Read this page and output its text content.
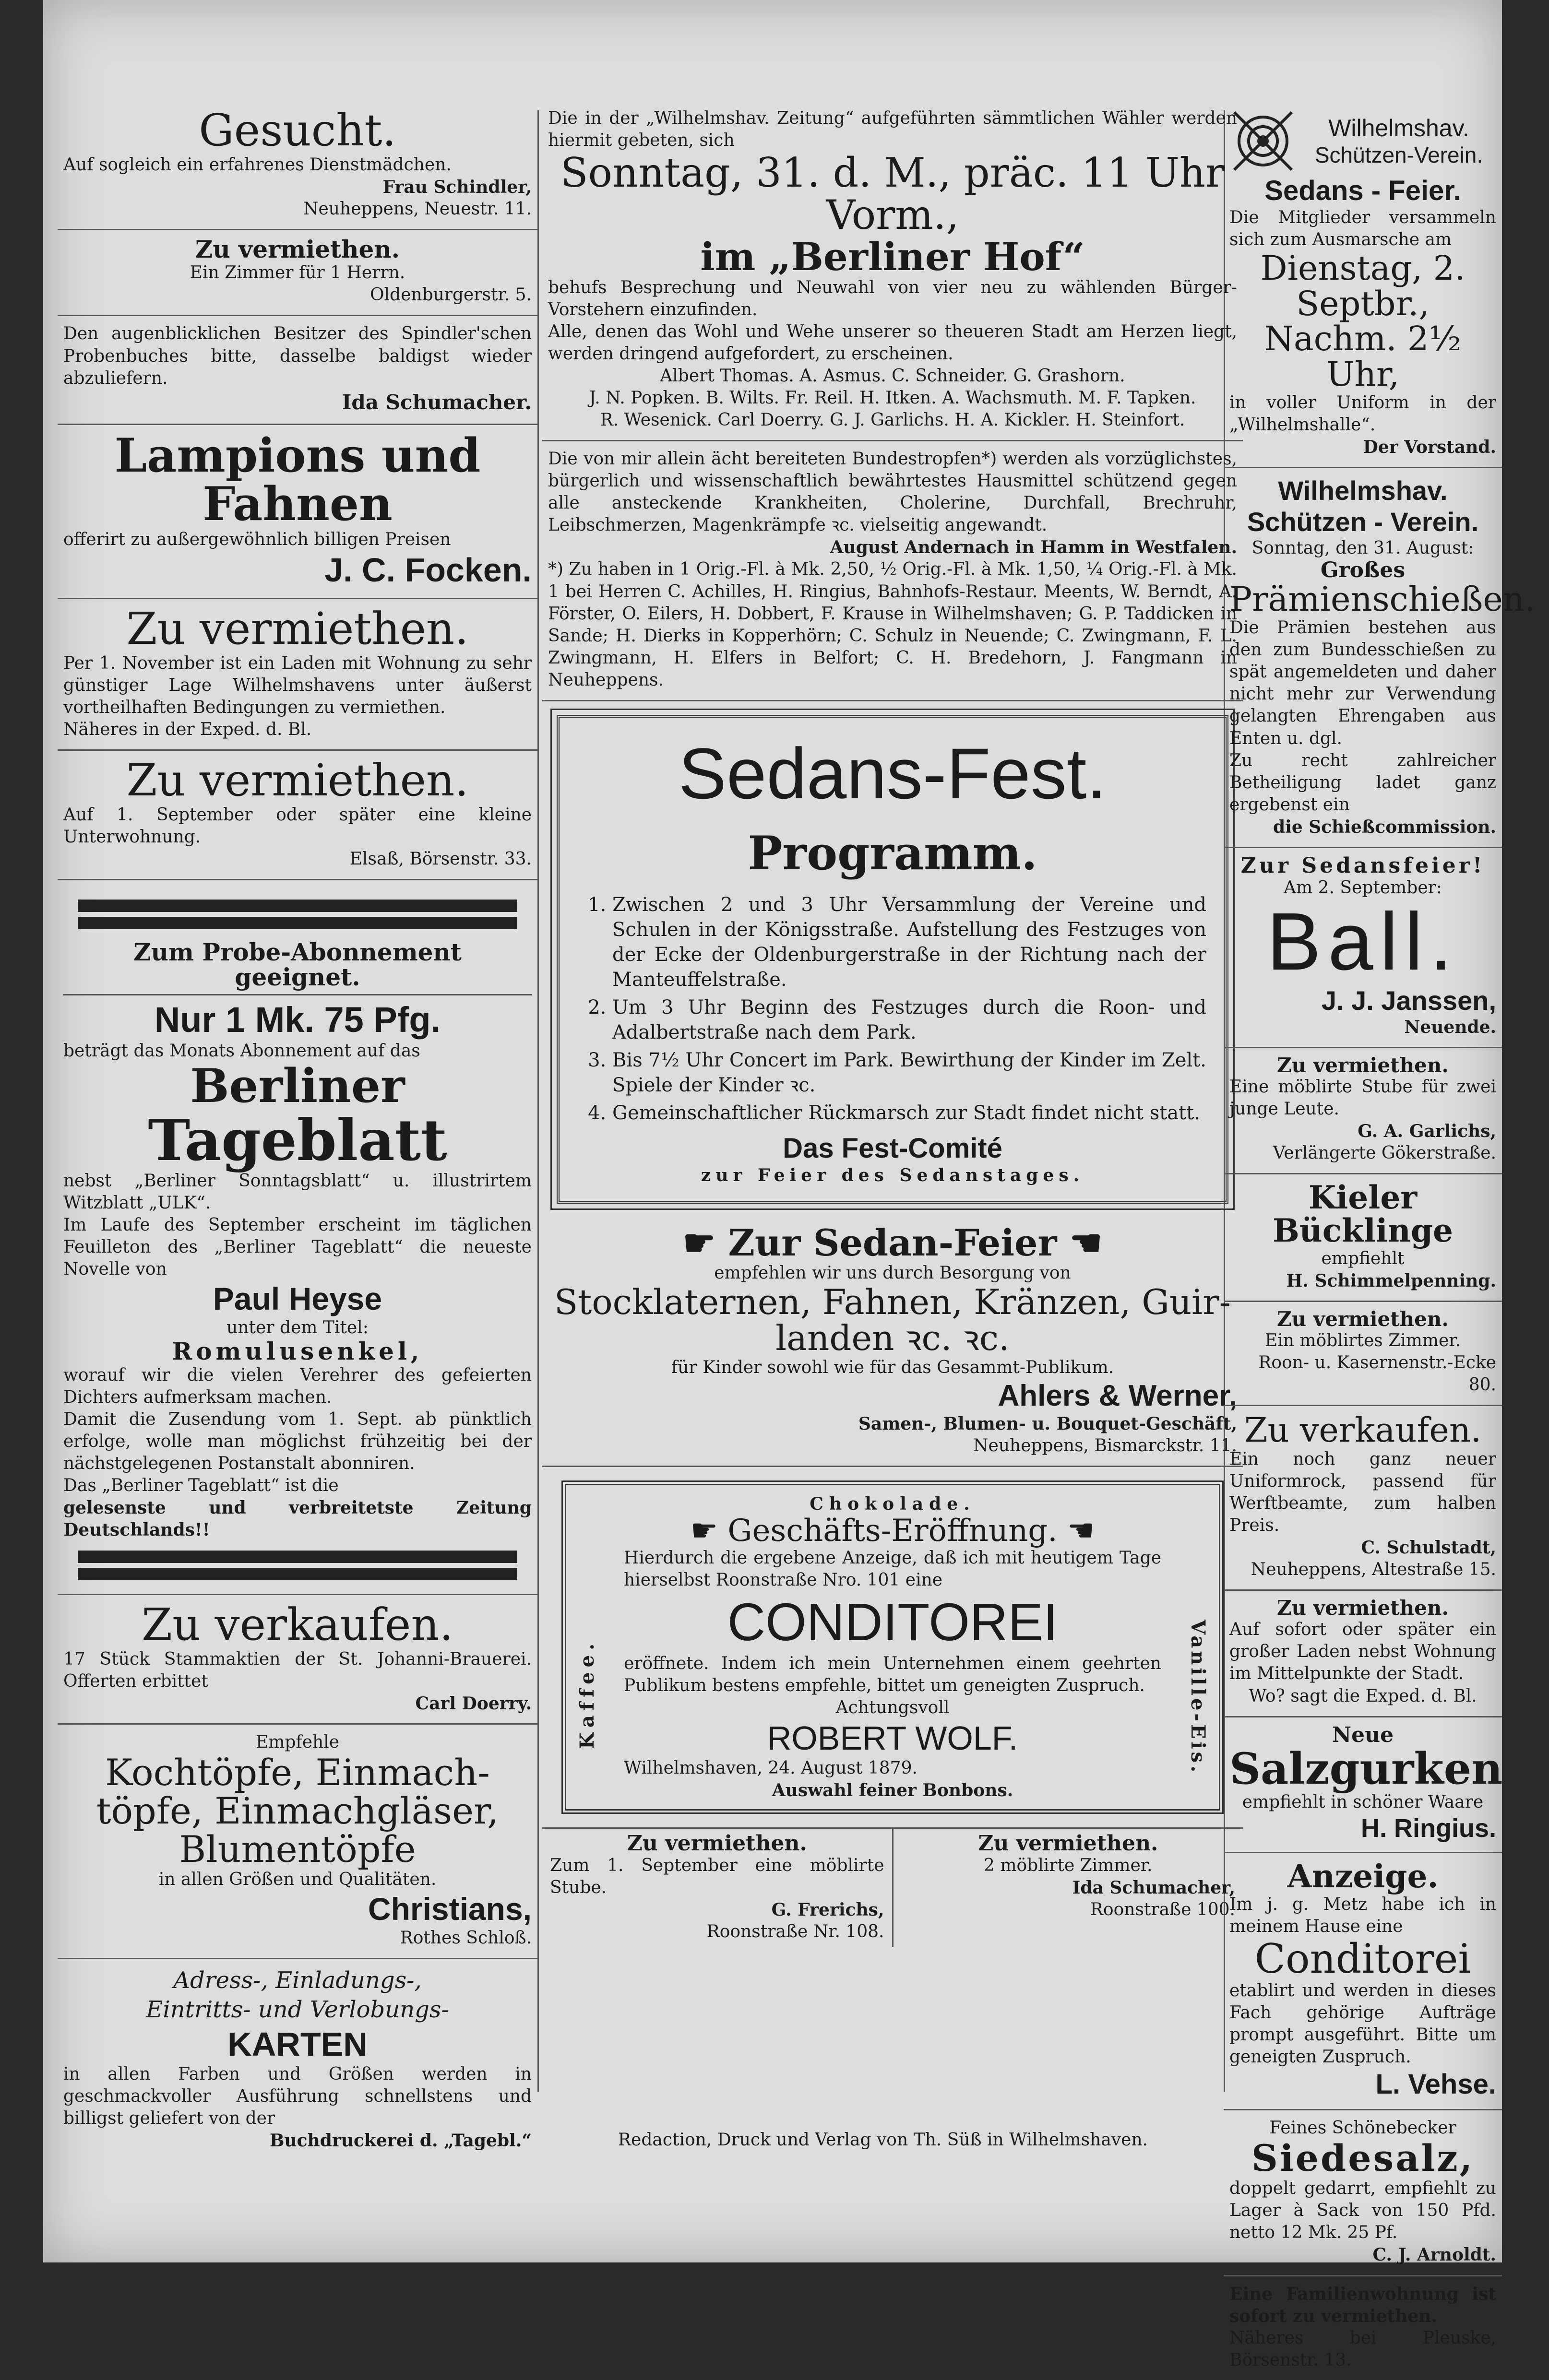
Gesucht.
Auf sogleich ein erfahrenes Dienstmädchen.
Frau Schindler,
Neuheppens, Neuestr. 11.
Zu vermiethen.
Ein Zimmer für 1 Herrn.
Oldenburgerstr. 5.
Den augenblicklichen Besitzer des Spindler'schen Probenbuches bitte, dasselbe baldigst wieder abzuliefern.
Ida Schumacher.
Lampions und
Fahnen
offerirt zu außergewöhnlich billigen Preisen
J. C. Focken.
Zu vermiethen.
Per 1. November ist ein Laden mit Wohnung zu sehr günstiger Lage Wilhelmshavens unter äußerst vortheilhaften Bedingungen zu vermiethen.
Näheres in der Exped. d. Bl.
Zu vermiethen.
Auf 1. September oder später eine kleine Unterwohnung.
Elsaß, Börsenstr. 33.
Zum Probe-Abonnement
geeignet.
Nur 1 Mk. 75 Pfg.
beträgt das Monats Abonnement auf das
Berliner
Tageblatt
nebst „Berliner Sonntagsblatt“ u. illustrirtem Witzblatt „ULK“.
Im Laufe des September erscheint im täglichen Feuilleton des „Berliner Tageblatt“ die neueste Novelle von
Paul Heyse
unter dem Titel:
Romulusenkel,
worauf wir die vielen Verehrer des gefeierten Dichters aufmerksam machen.
Damit die Zusendung vom 1. Sept. ab pünktlich erfolge, wolle man möglichst frühzeitig bei der nächstgelegenen Postanstalt abonniren.
Das „Berliner Tageblatt“ ist die
gelesenste und verbreitetste Zeitung Deutschlands!!
Zu verkaufen.
17 Stück Stammaktien der St. Johanni-Brauerei. Offerten erbittet
Carl Doerry.
Empfehle
Kochtöpfe, Einmach-
töpfe, Einmachgläser,
Blumentöpfe
in allen Größen und Qualitäten.
Christians,
Rothes Schloß.
Adress-, Einladungs-,
Eintritts- und Verlobungs-
KARTEN
in allen Farben und Größen werden in geschmackvoller Ausführung schnellstens und billigst geliefert von der
Buchdruckerei d. „Tagebl.“
Die in der „Wilhelmshav. Zeitung“ aufgeführten sämmtlichen Wähler werden hiermit gebeten, sich
Sonntag, 31. d. M., präc. 11 Uhr Vorm.,
im „Berliner Hof“
behufs Besprechung und Neuwahl von vier neu zu wählenden Bürger-Vorstehern einzufinden.
Alle, denen das Wohl und Wehe unserer so theueren Stadt am Herzen liegt, werden dringend aufgefordert, zu erscheinen.
Albert Thomas. A. Asmus. C. Schneider. G. Grashorn.
J. N. Popken. B. Wilts. Fr. Reil. H. Itken. A. Wachsmuth. M. F. Tapken.
R. Wesenick. Carl Doerry. G. J. Garlichs. H. A. Kickler. H. Steinfort.
Die von mir allein ächt bereiteten Bundestropfen*) werden als vorzüglichstes, bürgerlich und wissenschaftlich bewährtestes Hausmittel schützend gegen alle ansteckende Krankheiten, Cholerine, Durchfall, Brechruhr, Leibschmerzen, Magenkrämpfe ꝛc. vielseitig angewandt.
August Andernach in Hamm in Westfalen.
*) Zu haben in 1 Orig.-Fl. à Mk. 2,50, ½ Orig.-Fl. à Mk. 1,50, ¼ Orig.-Fl. à Mk. 1 bei Herren C. Achilles, H. Ringius, Bahnhofs-Restaur. Meents, W. Berndt, A. Förster, O. Eilers, H. Dobbert, F. Krause in Wilhelmshaven; G. P. Taddicken in Sande; H. Dierks in Kopperhörn; C. Schulz in Neuende; C. Zwingmann, F. L. Zwingmann, H. Elfers in Belfort; C. H. Bredehorn, J. Fangmann in Neuheppens.
Sedans-Fest.
Programm.
1. Zwischen 2 und 3 Uhr Versammlung der Vereine und Schulen in der Königsstraße. Aufstellung des Festzuges von der Ecke der Oldenburgerstraße in der Richtung nach der Manteuffelstraße.
2. Um 3 Uhr Beginn des Festzuges durch die Roon- und Adalbertstraße nach dem Park.
3. Bis 7½ Uhr Concert im Park. Bewirthung der Kinder im Zelt. Spiele der Kinder ꝛc.
4. Gemeinschaftlicher Rückmarsch zur Stadt findet nicht statt.
Das Fest-Comité
zur Feier des Sedanstages.
☛ Zur Sedan-Feier ☚
empfehlen wir uns durch Besorgung von
Stocklaternen, Fahnen, Kränzen, Guir-
landen ꝛc. ꝛc.
für Kinder sowohl wie für das Gesammt-Publikum.
Ahlers & Werner,
Samen-, Blumen- u. Bouquet-Geschäft,
Neuheppens, Bismarckstr. 11.
Chokolade.
Kaffee.	Vanille-Eis.
☛ Geschäfts-Eröffnung. ☚
Hierdurch die ergebene Anzeige, daß ich mit heutigem Tage hierselbst Roonstraße Nro. 101 eine
CONDITOREI
eröffnete. Indem ich mein Unternehmen einem geehrten Publikum bestens empfehle, bittet um geneigten Zuspruch.
Achtungsvoll
ROBERT WOLF.
Wilhelmshaven, 24. August 1879.
Auswahl feiner Bonbons.
Zu vermiethen.
Zum 1. September eine möblirte Stube.
G. Frerichs,
Roonstraße Nr. 108.
Zu vermiethen.
2 möblirte Zimmer.
Ida Schumacher,
Roonstraße 100.
Wilhelmshav.
Schützen-Verein.
Sedans - Feier.
Die Mitglieder versammeln sich zum Ausmarsche am
Dienstag, 2. Septbr.,
Nachm. 2½ Uhr,
in voller Uniform in der „Wilhelmshalle“.
Der Vorstand.
Wilhelmshav.
Schützen - Verein.
Sonntag, den 31. August:
Großes
Prämienschießen.
Die Prämien bestehen aus den zum Bundesschießen zu spät angemeldeten und daher nicht mehr zur Verwendung gelangten Ehrengaben aus Enten u. dgl.
Zu recht zahlreicher Betheiligung ladet ganz ergebenst ein
die Schießcommission.
Zur Sedansfeier!
Am 2. September:
Ball.
J. J. Janssen,
Neuende.
Zu vermiethen.
Eine möblirte Stube für zwei junge Leute.
G. A. Garlichs,
Verlängerte Gökerstraße.
Kieler Bücklinge
empfiehlt
H. Schimmelpenning.
Zu vermiethen.
Ein möblirtes Zimmer.
Roon- u. Kasernenstr.-Ecke 80.
Zu verkaufen.
Ein noch ganz neuer Uniformrock, passend für Werftbeamte, zum halben Preis.
C. Schulstadt,
Neuheppens, Altestraße 15.
Zu vermiethen.
Auf sofort oder später ein großer Laden nebst Wohnung im Mittelpunkte der Stadt.
Wo? sagt die Exped. d. Bl.
Neue
Salzgurken
empfiehlt in schöner Waare
H. Ringius.
Anzeige.
Im j. g. Metz habe ich in meinem Hause eine
Conditorei
etablirt und werden in dieses Fach gehörige Aufträge prompt ausgeführt. Bitte um geneigten Zuspruch.
L. Vehse.
Feines Schönebecker
Siedesalz,
doppelt gedarrt, empfiehlt zu Lager à Sack von 150 Pfd. netto 12 Mk. 25 Pf.
C. J. Arnoldt.
Eine Familienwohnung ist sofort zu vermiethen.
Näheres bei Pleuske, Börsenstr. 13.
Redaction, Druck und Verlag von Th. Süß in Wilhelmshaven.
